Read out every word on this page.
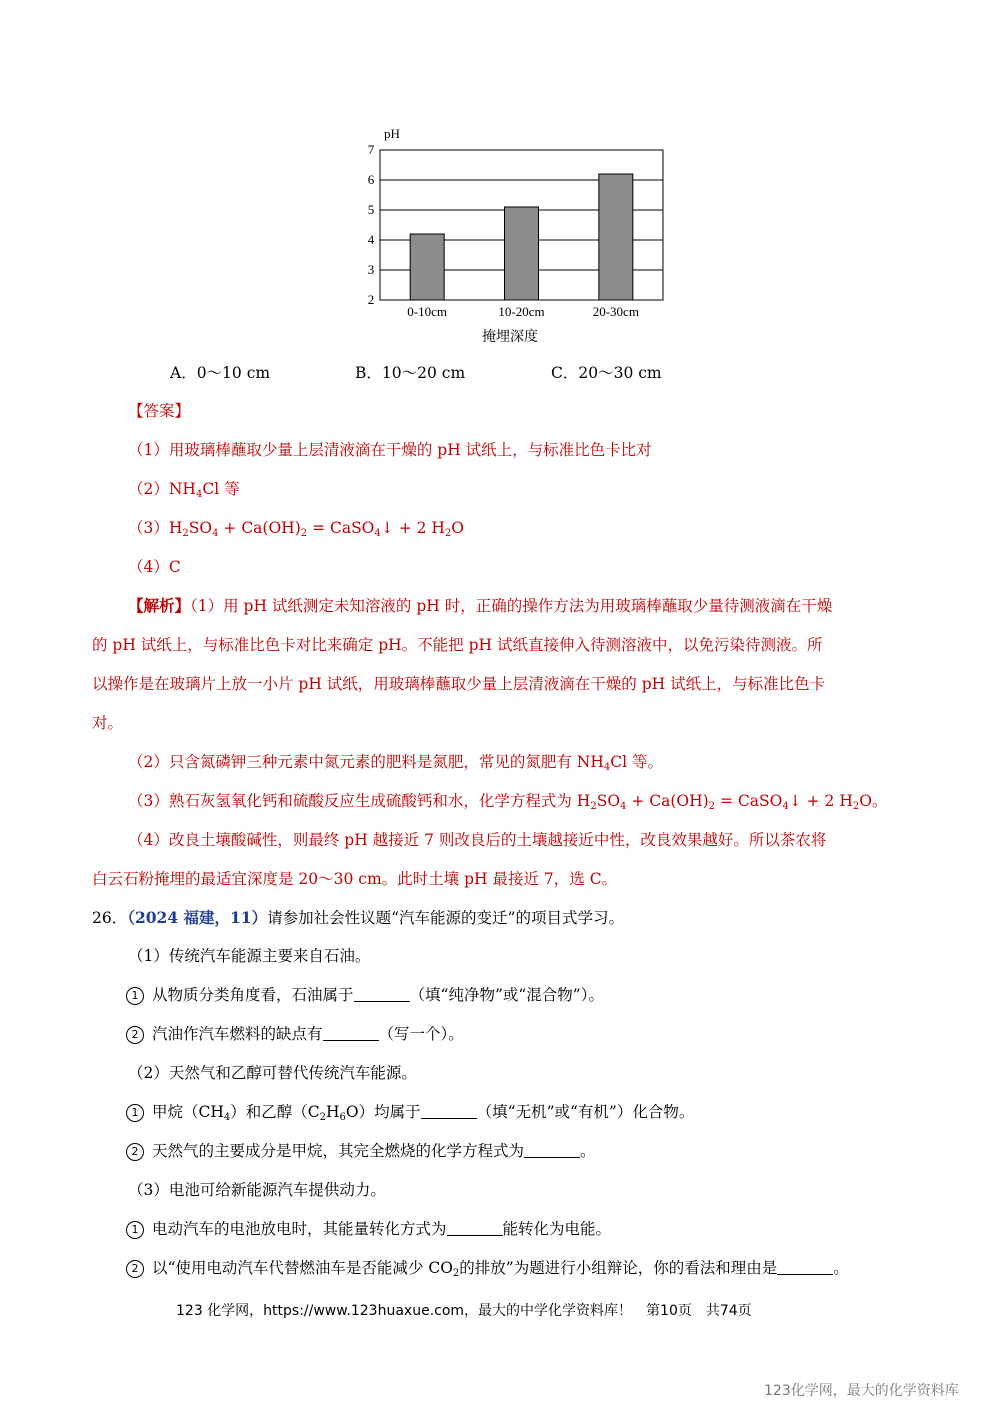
pH
2
3
4
5
6
7
0-10cm	10-20cm	20-30cm
掩埋深度
A．0～10 cm	B．10～20 cm	C．20～30 cm
【答案】
（1）用玻璃棒蘸取少量上层清液滴在干燥的 pH 试纸上，与标准比色卡比对
$(2)NH_4Cl$ 等
$(3)H_2SO_4 + Ca(OH)_2$ = CaSO$_4$↓ + 2 $H_2O$
（4）C
【解析】（1）用 pH 试纸测定未知溶液的 pH 时，正确的操作方法为用玻璃棒蘸取少量待测液滴在干燥
的 pH 试纸上，与标准比色卡对比来确定 pH。不能把 pH 试纸直接伸入待测溶液中，以免污染待测液。所
以操作是在玻璃片上放一小片 pH 试纸，用玻璃棒蘸取少量上层清液滴在干燥的 pH 试纸上，与标准比色卡
对。
（2）只含氮磷钾三种元素中氮元素的肥料是氮肥，常见的氮肥有 $NH_4Cl$ 等。
（3）熟石灰氢氧化钙和硫酸反应生成硫酸钙和水，化学方程式为 $H_2SO_4 + Ca(OH)_2$ = CaSO$_4$↓ + 2 $H_2O$。
（4）改良土壤酸碱性，则最终 pH 越接近 7 则改良后的土壤越接近中性，改良效果越好。所以茶农将
白云石粉掩埋的最适宜深度是 20～30 cm。此时土壤 pH 最接近 7，选 C。
26．（2024 福建，11）请参加社会性议题“汽车能源的变迁”的项目式学习。
（1）传统汽车能源主要来自石油。
1 从物质分类角度看，石油属于	（填“纯净物”或“混合物”）。
2 汽油作汽车燃料的缺点有	（写一个）。
（2）天然气和乙醇可替代传统汽车能源。
1 甲烷$(CH_4)$和乙醇$(C_2H_6O)$均属于	（填“无机”或“有机”）化合物。
2 天然气的主要成分是甲烷，其完全燃烧的化学方程式为	。
（3）电池可给新能源汽车提供动力。
1 电动汽车的电池放电时，其能量转化方式为	能转化为电能。
2 以“使用电动汽车代替燃油车是否能减少 $CO_2$的排放”为题进行小组辩论，你的看法和理由是	。
123 化学网，https://www.123huaxue.com，最大的中学化学资料库！　第10页　共74页
123化学网，最大的化学资料库
